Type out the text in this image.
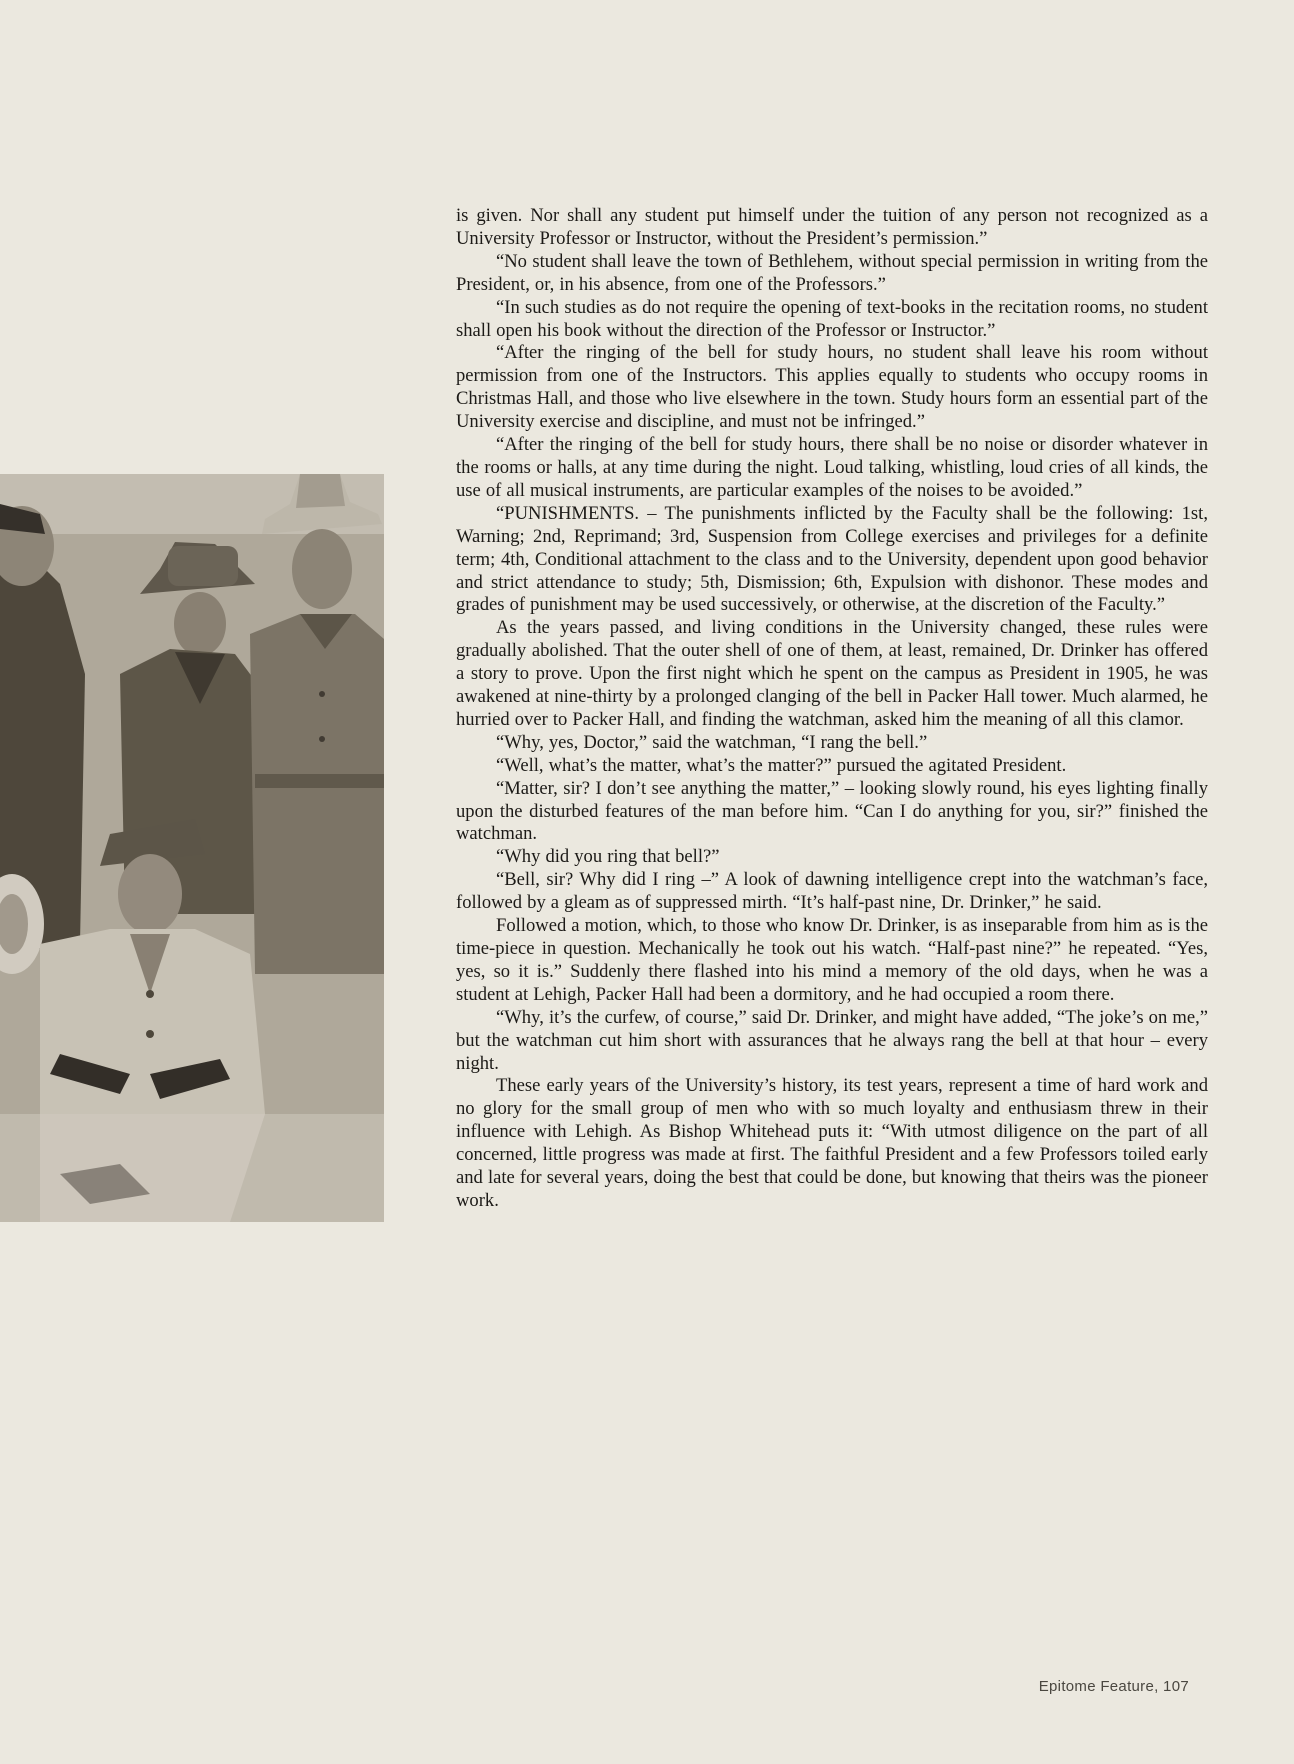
is given. Nor shall any student put himself under the tuition of any person not recognized as a University Professor or Instructor, without the President’s permission.”

“No student shall leave the town of Bethlehem, without special permission in writing from the President, or, in his absence, from one of the Professors.”

“In such studies as do not require the opening of text-books in the recitation rooms, no student shall open his book without the direction of the Professor or Instructor.”

“After the ringing of the bell for study hours, no student shall leave his room without permission from one of the Instructors. This applies equally to students who occupy rooms in Christmas Hall, and those who live elsewhere in the town. Study hours form an essential part of the University exercise and discipline, and must not be infringed.”

“After the ringing of the bell for study hours, there shall be no noise or disorder whatever in the rooms or halls, at any time during the night. Loud talking, whistling, loud cries of all kinds, the use of all musical instruments, are particular examples of the noises to be avoided.”

“PUNISHMENTS. – The punishments inflicted by the Faculty shall be the following: 1st, Warning; 2nd, Reprimand; 3rd, Suspension from College exercises and privileges for a definite term; 4th, Conditional attachment to the class and to the University, dependent upon good behavior and strict attendance to study; 5th, Dismission; 6th, Expulsion with dishonor. These modes and grades of punishment may be used successively, or otherwise, at the discretion of the Faculty.”

As the years passed, and living conditions in the University changed, these rules were gradually abolished. That the outer shell of one of them, at least, remained, Dr. Drinker has offered a story to prove. Upon the first night which he spent on the campus as President in 1905, he was awakened at nine-thirty by a prolonged clanging of the bell in Packer Hall tower. Much alarmed, he hurried over to Packer Hall, and finding the watchman, asked him the meaning of all this clamor.

“Why, yes, Doctor,” said the watchman, “I rang the bell.”

“Well, what’s the matter, what’s the matter?” pursued the agitated President.

“Matter, sir? I don’t see anything the matter,” – looking slowly round, his eyes lighting finally upon the disturbed features of the man before him. “Can I do anything for you, sir?” finished the watchman.

“Why did you ring that bell?”

“Bell, sir? Why did I ring –” A look of dawning intelligence crept into the watchman’s face, followed by a gleam as of suppressed mirth. “It’s half-past nine, Dr. Drinker,” he said.

Followed a motion, which, to those who know Dr. Drinker, is as inseparable from him as is the time-piece in question. Mechanically he took out his watch. “Half-past nine?” he repeated. “Yes, yes, so it is.” Suddenly there flashed into his mind a memory of the old days, when he was a student at Lehigh, Packer Hall had been a dormitory, and he had occupied a room there.

“Why, it’s the curfew, of course,” said Dr. Drinker, and might have added, “The joke’s on me,” but the watchman cut him short with assurances that he always rang the bell at that hour – every night.

These early years of the University’s history, its test years, represent a time of hard work and no glory for the small group of men who with so much loyalty and enthusiasm threw in their influence with Lehigh. As Bishop Whitehead puts it: “With utmost diligence on the part of all concerned, little progress was made at first. The faithful President and a few Professors toiled early and late for several years, doing the best that could be done, but knowing that theirs was the pioneer work.

Epitome Feature, 107
